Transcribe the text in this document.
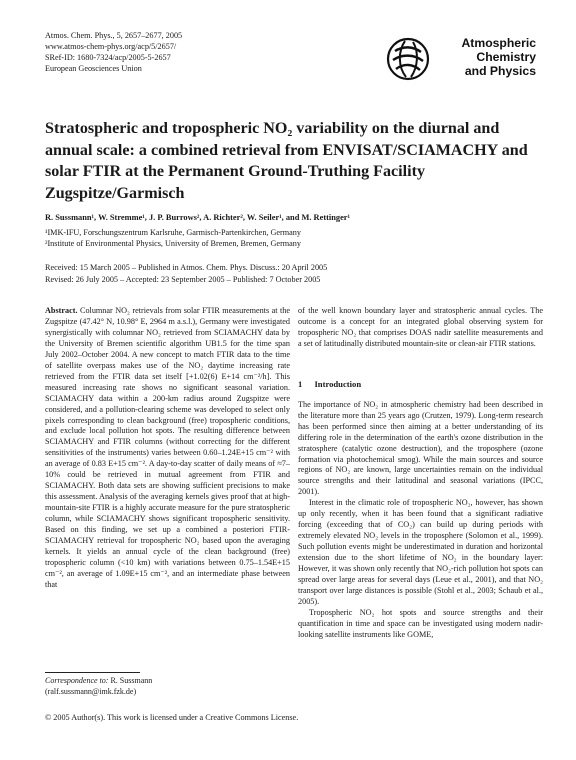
Atmos. Chem. Phys., 5, 2657–2677, 2005
www.atmos-chem-phys.org/acp/5/2657/
SRef-ID: 1680-7324/acp/2005-5-2657
European Geosciences Union
Atmospheric
Chemistry
and Physics
Stratospheric and tropospheric NO₂ variability on the diurnal and annual scale: a combined retrieval from ENVISAT/SCIAMACHY and solar FTIR at the Permanent Ground-Truthing Facility Zugspitze/Garmisch
R. Sussmann¹, W. Stremme¹, J. P. Burrows², A. Richter², W. Seiler¹, and M. Rettinger¹
¹IMK-IFU, Forschungszentrum Karlsruhe, Garmisch-Partenkirchen, Germany
²Institute of Environmental Physics, University of Bremen, Bremen, Germany
Received: 15 March 2005 – Published in Atmos. Chem. Phys. Discuss.: 20 April 2005
Revised: 26 July 2005 – Accepted: 23 September 2005 – Published: 7 October 2005

Abstract. Columnar NO₂ retrievals from solar FTIR measurements at the Zugspitze (47.42° N, 10.98° E, 2964 m a.s.l.), Germany were investigated synergistically with columnar NO₂ retrieved from SCIAMACHY data by the University of Bremen scientific algorithm UB1.5 for the time span July 2002–October 2004. A new concept to match FTIR data to the time of satellite overpass makes use of the NO₂ daytime increasing rate retrieved from the FTIR data set itself [+1.02(6) E+14 cm⁻²/h]. This measured increasing rate shows no significant seasonal variation. SCIAMACHY data within a 200-km radius around Zugspitze were considered, and a pollution-clearing scheme was developed to select only pixels corresponding to clean background (free) tropospheric conditions, and exclude local pollution hot spots. The resulting difference between SCIAMACHY and FTIR columns (without correcting for the different sensitivities of the instruments) varies between 0.60–1.24E+15 cm⁻² with an average of 0.83 E+15 cm⁻². A day-to-day scatter of daily means of ≈7–10% could be retrieved in mutual agreement from FTIR and SCIAMACHY. Both data sets are showing sufficient precisions to make this assessment. Analysis of the averaging kernels gives proof that at high-mountain-site FTIR is a highly accurate measure for the pure stratospheric column, while SCIAMACHY shows significant tropospheric sensitivity. Based on this finding, we set up a combined a posteriori FTIR-SCIAMACHY retrieval for tropospheric NO₂ based upon the averaging kernels. It yields an annual cycle of the clean background (free) tropospheric column (<10 km) with variations between 0.75–1.54E+15 cm⁻², an average of 1.09E+15 cm⁻², and an intermediate phase between that

of the well known boundary layer and stratospheric annual cycles. The outcome is a concept for an integrated global observing system for tropospheric NO₂ that comprises DOAS nadir satellite measurements and a set of latitudinally distributed mountain-site or clean-air FTIR stations.

1 Introduction

The importance of NO₂ in atmospheric chemistry had been described in the literature more than 25 years ago (Crutzen, 1979). Long-term research has been performed since then aiming at a better understanding of its differing role in the determination of the earth's ozone distribution in the stratosphere (catalytic ozone destruction), and the troposphere (ozone formation via photochemical smog). While the main sources and source regions of NO₂ are known, large uncertainties remain on the individual source strengths and their latitudinal and seasonal variations (IPCC, 2001).

Interest in the climatic role of tropospheric NO₂, however, has shown up only recently, when it has been found that a significant radiative forcing (exceeding that of CO₂) can build up during periods with extremely elevated NO₂ levels in the troposphere (Solomon et al., 1999). Such pollution events might be underestimated in duration and horizontal extension due to the short lifetime of NO₂ in the boundary layer: However, it was shown only recently that NO₂-rich pollution hot spots can spread over large areas for several days (Leue et al., 2001), and that NO₂ transport over large distances is possible (Stohl et al., 2003; Schaub et al., 2005).

Tropospheric NO₂ hot spots and source strengths and their quantification in time and space can be investigated using modern nadir-looking satellite instruments like GOME,

Correspondence to: R. Sussmann
(ralf.sussmann@imk.fzk.de)
© 2005 Author(s). This work is licensed under a Creative Commons License.
